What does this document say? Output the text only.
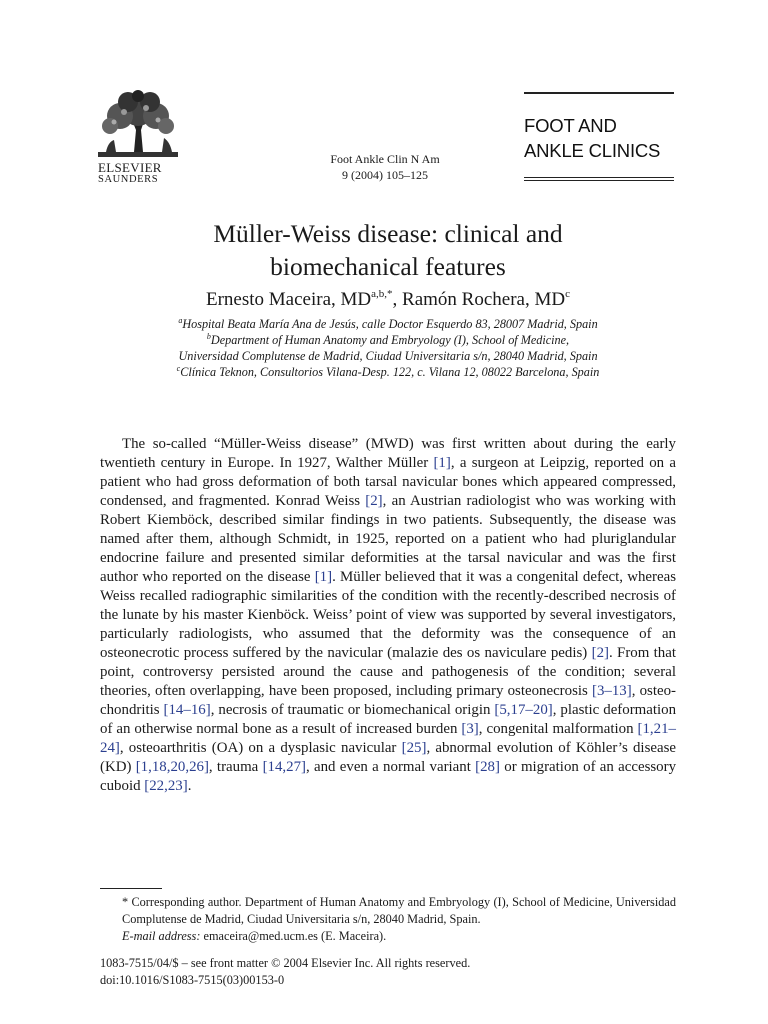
ELSEVIER
SAUNDERS
Foot Ankle Clin N Am
9 (2004) 105–125
FOOT AND
ANKLE CLINICS
Müller-Weiss disease: clinical and
biomechanical features
Ernesto Maceira, $MD^{a,b,*}$, Ramón Rochera, $MD^c$
$^a$Hospital Beata María Ana de Jesús, calle Doctor Esquerdo 83, 28007 Madrid, Spain
$^b$Department of Human Anatomy and Embryology (I), School of Medicine,
Universidad Complutense de Madrid, Ciudad Universitaria s/n, 28040 Madrid, Spain
$^c$Clínica Teknon, Consultorios Vilana-Desp. 122, c. Vilana 12, 08022 Barcelona, Spain

The so-called “Müller-Weiss disease” (MWD) was first written about during the early twentieth century in Europe. In 1927, Walther Müller [1], a surgeon at Leipzig, reported on a patient who had gross deformation of both tarsal navicular bones which appeared compressed, condensed, and fragmented. Konrad Weiss [2], an Austrian radiologist who was working with Robert Kiemböck, described similar findings in two patients. Subsequently, the disease was named after them, although Schmidt, in 1925, reported on a patient who had pluriglandular endocrine failure and presented similar deformities at the tarsal navicular and was the first author who reported on the disease [1]. Müller believed that it was a congenital defect, whereas Weiss recalled radiographic similarities of the condition with the recently-described necrosis of the lunate by his master Kienböck. Weiss’ point of view was supported by several investigators, particularly radiologists, who assumed that the deformity was the consequence of an osteonecrotic process suffered by the navicular (malazie des os naviculare pedis) [2]. From that point, controversy persisted around the cause and pathogenesis of the condition; several theories, often overlapping, have been proposed, including primary osteonecrosis [3–13], osteochondritis [14–16], necrosis of traumatic or biomechanical origin [5,17–20], plastic deformation of an otherwise normal bone as a result of increased burden [3], congenital malformation [1,21–24], osteoarthritis (OA) on a dysplasic navicular [25], abnormal evolution of Köhler’s disease (KD) [1,18,20,26], trauma [14,27], and even a normal variant [28] or migration of an accessory cuboid [22,23].

* Corresponding author. Department of Human Anatomy and Embryology (I), School of Medicine, Universidad Complutense de Madrid, Ciudad Universitaria s/n, 28040 Madrid, Spain.

E-mail address: emaceira@med.ucm.es (E. Maceira).

1083-7515/04/$ – see front matter © 2004 Elsevier Inc. All rights reserved.
doi:10.1016/S1083-7515(03)00153-0
